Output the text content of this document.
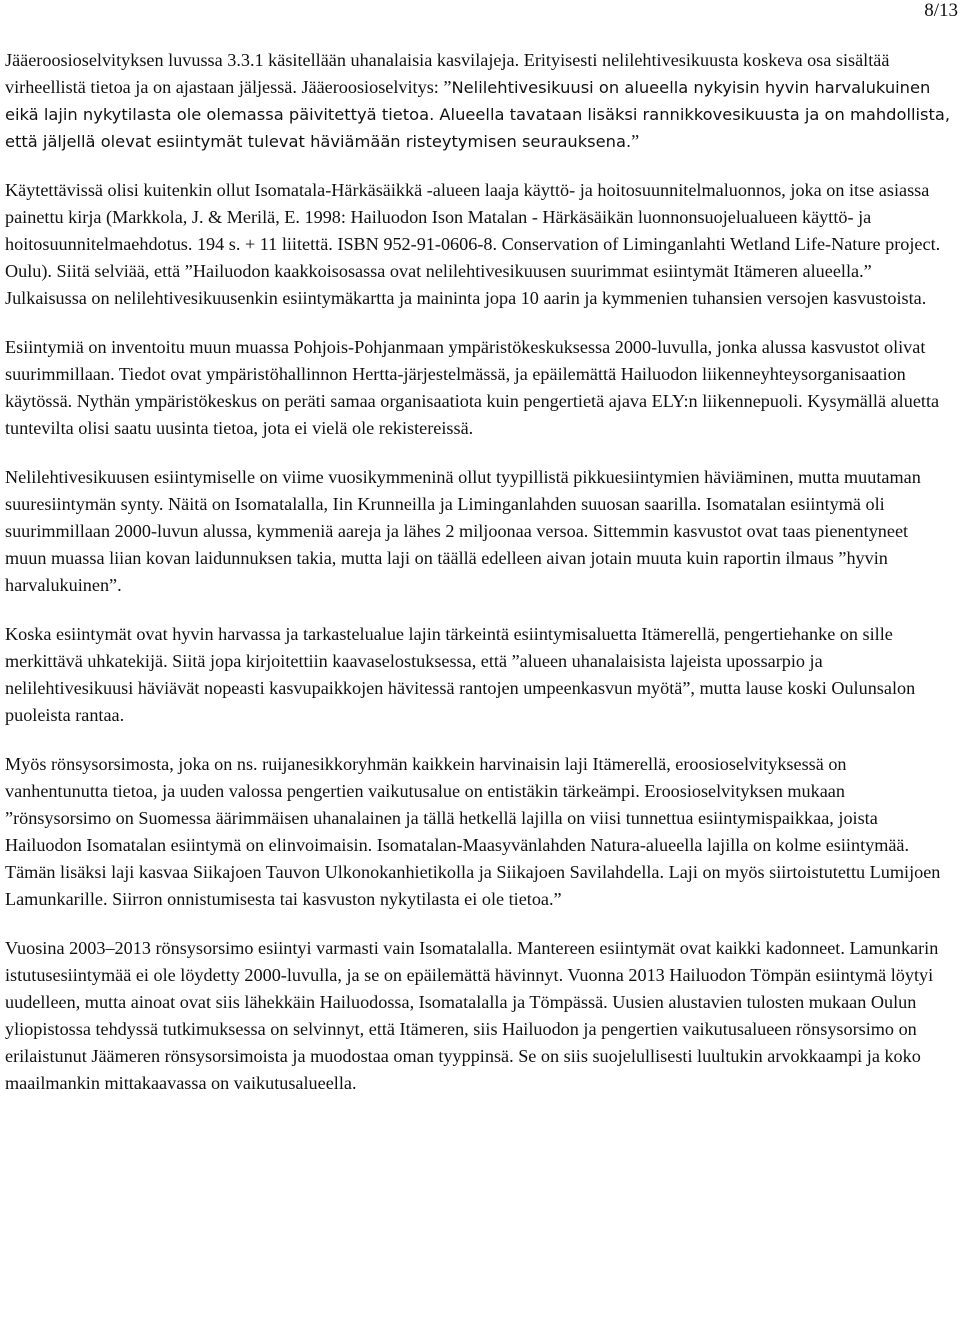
8/13

Jääeroosioselvityksen luvussa 3.3.1 käsitellään uhanalaisia kasvilajeja. Erityisesti nelilehtivesikuusta koskeva osa sisältää virheellistä tietoa ja on ajastaan jäljessä. Jääeroosioselvitys: ”Nelilehtivesikuusi on alueella nykyisin hyvin harvalukuinen eikä lajin nykytilasta ole olemassa päivitettyä tietoa. Alueella tavataan lisäksi rannikkovesikuusta ja on mahdollista, että jäljellä olevat esiintymät tulevat häviämään risteytymisen seurauksena.”

Käytettävissä olisi kuitenkin ollut Isomatala-Härkäsäikkä -alueen laaja käyttö- ja hoitosuunnitelmaluonnos, joka on itse asiassa painettu kirja (Markkola, J. & Merilä, E. 1998: Hailuodon Ison Matalan - Härkäsäikän luonnonsuojelualueen käyttö- ja hoitosuunnitelmaehdotus. 194 s. + 11 liitettä. ISBN 952-91-0606-8. Conservation of Liminganlahti Wetland Life-Nature project. Oulu). Siitä selviää, että ”Hailuodon kaakkoisosassa ovat nelilehtivesikuusen suurimmat esiintymät Itämeren alueella.” Julkaisussa on nelilehtivesikuusenkin esiintymäkartta ja maininta jopa 10 aarin ja kymmenien tuhansien versojen kasvustoista.

Esiintymiä on inventoitu muun muassa Pohjois-Pohjanmaan ympäristökeskuksessa 2000-luvulla, jonka alussa kasvustot olivat suurimmillaan. Tiedot ovat ympäristöhallinnon Hertta-järjestelmässä, ja epäilemättä Hailuodon liikenneyhteysorganisaation käytössä. Nythän ympäristökeskus on peräti samaa organisaatiota kuin pengertietä ajava ELY:n liikennepuoli. Kysymällä aluetta tuntevilta olisi saatu uusinta tietoa, jota ei vielä ole rekistereissä.

Nelilehtivesikuusen esiintymiselle on viime vuosikymmeninä ollut tyypillistä pikkuesiintymien häviäminen, mutta muutaman suuresiintymän synty. Näitä on Isomatalalla, Iin Krunneilla ja Liminganlahden suuosan saarilla. Isomatalan esiintymä oli suurimmillaan 2000-luvun alussa, kymmeniä aareja ja lähes 2 miljoonaa versoa. Sittemmin kasvustot ovat taas pienentyneet muun muassa liian kovan laidunnuksen takia, mutta laji on täällä edelleen aivan jotain muuta kuin raportin ilmaus ”hyvin harvalukuinen”.

Koska esiintymät ovat hyvin harvassa ja tarkastelualue lajin tärkeintä esiintymisaluetta Itämerellä, pengertiehanke on sille merkittävä uhkatekijä. Siitä jopa kirjoitettiin kaavaselostuksessa, että ”alueen uhanalaisista lajeista upossarpio ja nelilehtivesikuusi häviävät nopeasti kasvupaikkojen hävitessä rantojen umpeenkasvun myötä”, mutta lause koski Oulunsalon puoleista rantaa.

Myös rönsysorsimosta, joka on ns. ruijanesikkoryhmän kaikkein harvinaisin laji Itämerellä, eroosioselvityksessä on vanhentunutta tietoa, ja uuden valossa pengertien vaikutusalue on entistäkin tärkeämpi. Eroosioselvityksen mukaan ”rönsysorsimo on Suomessa äärimmäisen uhanalainen ja tällä hetkellä lajilla on viisi tunnettua esiintymispaikkaa, joista Hailuodon Isomatalan esiintymä on elinvoimaisin. Isomatalan-Maasyvänlahden Natura-alueella lajilla on kolme esiintymää. Tämän lisäksi laji kasvaa Siikajoen Tauvon Ulkonokanhietikolla ja Siikajoen Savilahdella. Laji on myös siirtoistutettu Lumijoen Lamunkarille. Siirron onnistumisesta tai kasvuston nykytilasta ei ole tietoa.”

Vuosina 2003–2013 rönsysorsimo esiintyi varmasti vain Isomatalalla. Mantereen esiintymät ovat kaikki kadonneet. Lamunkarin istutusesiintymää ei ole löydetty 2000-luvulla, ja se on epäilemättä hävinnyt. Vuonna 2013 Hailuodon Tömpän esiintymä löytyi uudelleen, mutta ainoat ovat siis lähekkäin Hailuodossa, Isomatalalla ja Tömpässä. Uusien alustavien tulosten mukaan Oulun yliopistossa tehdyssä tutkimuksessa on selvinnyt, että Itämeren, siis Hailuodon ja pengertien vaikutusalueen rönsysorsimo on erilaistunut Jäämeren rönsysorsimoista ja muodostaa oman tyyppinsä. Se on siis suojelullisesti luultukin arvokkaampi ja koko maailmankin mittakaavassa on vaikutusalueella.
